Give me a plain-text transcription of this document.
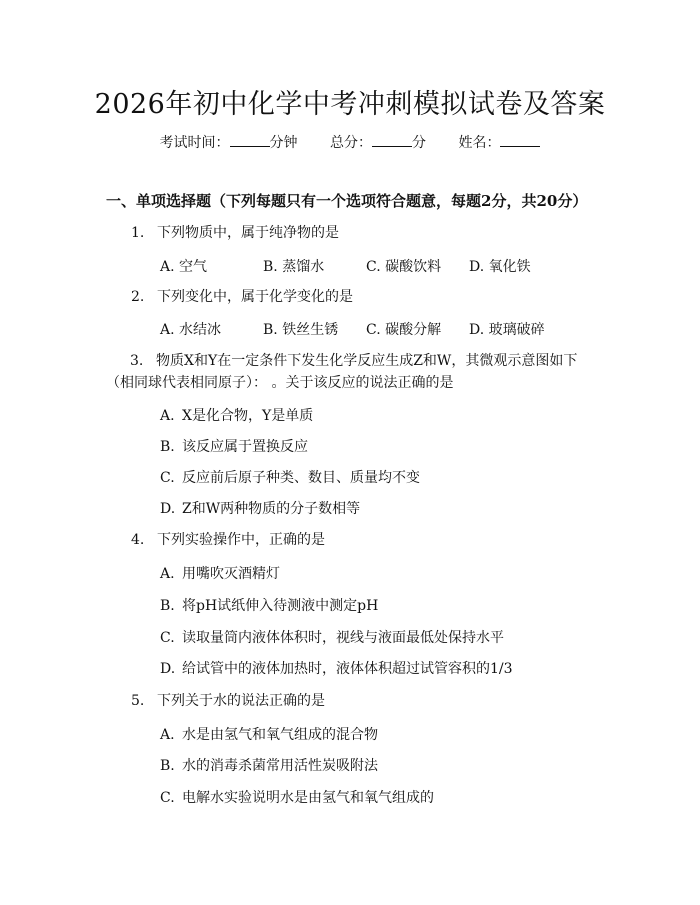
2026年初中化学中考冲刺模拟试卷及答案
考试时间：	分钟 总分：	分 姓名：
一、单项选择题（下列每题只有一个选项符合题意，每题2分，共20分）
1. 下列物质中，属于纯净物的是
A. 空气	B. 蒸馏水	C. 碳酸饮料 D. 氧化铁
2. 下列变化中，属于化学变化的是
A. 水结冰	B. 铁丝生锈 C. 碳酸分解 D. 玻璃破碎
3. 物质X和Y在一定条件下发生化学反应生成Z和W，其微观示意图如下
（相同球代表相同原子）： 。关于该反应的说法正确的是
A. X是化合物，Y是单质
B. 该反应属于置换反应
C. 反应前后原子种类、数目、质量均不变
D. Z和W两种物质的分子数相等
4. 下列实验操作中，正确的是
A. 用嘴吹灭酒精灯
B. 将pH试纸伸入待测液中测定pH
C. 读取量筒内液体体积时，视线与液面最低处保持水平
D. 给试管中的液体加热时，液体体积超过试管容积的1/3
5. 下列关于水的说法正确的是
A. 水是由氢气和氧气组成的混合物
B. 水的消毒杀菌常用活性炭吸附法
C. 电解水实验说明水是由氢气和氧气组成的
